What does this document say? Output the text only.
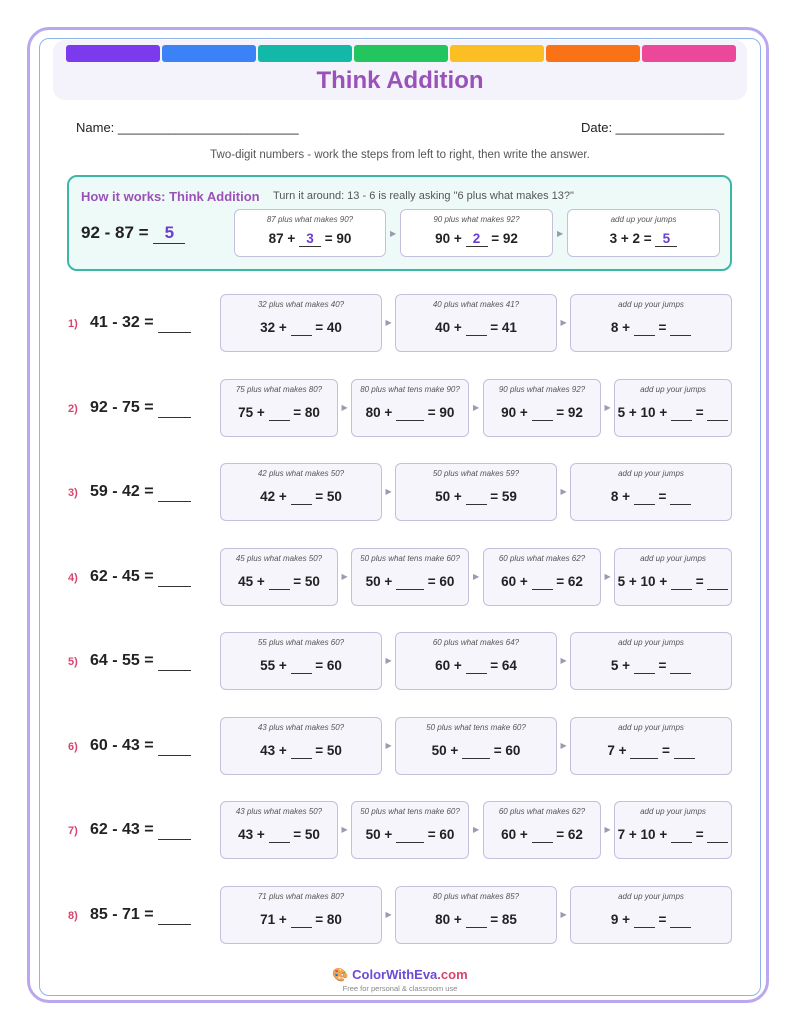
Think Addition
Name: _________________________	Date: _______________
Two-digit numbers - work the steps from left to right, then write the answer.
How it works: Think Addition Turn it around: 13 - 6 is really asking "6 plus what makes 13?"
92 - 87 = 5
87 plus what makes 90?
87 + 3 = 90	▶
90 plus what makes 92?
90 + 2 = 92	▶
add up your jumps
3 + 2 = 5
1) 41 - 32 =
32 plus what makes 40?
32 +   = 40	▶
40 plus what makes 41?
40 +   = 41	▶
add up your jumps
8 +   =
2) 92 - 75 =
75 plus what makes 80?
75 +   = 80	▶
80 plus what tens make 90?
80 +   = 90	▶
90 plus what makes 92?
90 +   = 92	▶
add up your jumps
5 + 10 +   =
3) 59 - 42 =
42 plus what makes 50?
42 +   = 50	▶
50 plus what makes 59?
50 +   = 59	▶
add up your jumps
8 +   =
4) 62 - 45 =
45 plus what makes 50?
45 +   = 50	▶
50 plus what tens make 60?
50 +   = 60	▶
60 plus what makes 62?
60 +   = 62	▶
add up your jumps
5 + 10 +   =
5) 64 - 55 =
55 plus what makes 60?
55 +   = 60	▶
60 plus what makes 64?
60 +   = 64	▶
add up your jumps
5 +   =
6) 60 - 43 =
43 plus what makes 50?
43 +   = 50	▶
50 plus what tens make 60?
50 +   = 60	▶
add up your jumps
7 +   =
7) 62 - 43 =
43 plus what makes 50?
43 +   = 50	▶
50 plus what tens make 60?
50 +   = 60	▶
60 plus what makes 62?
60 +   = 62	▶
add up your jumps
7 + 10 +   =
8) 85 - 71 =
71 plus what makes 80?
71 +   = 80	▶
80 plus what makes 85?
80 +   = 85	▶
add up your jumps
9 +   =
🎨 ColorWithEva.com
Free for personal & classroom use
